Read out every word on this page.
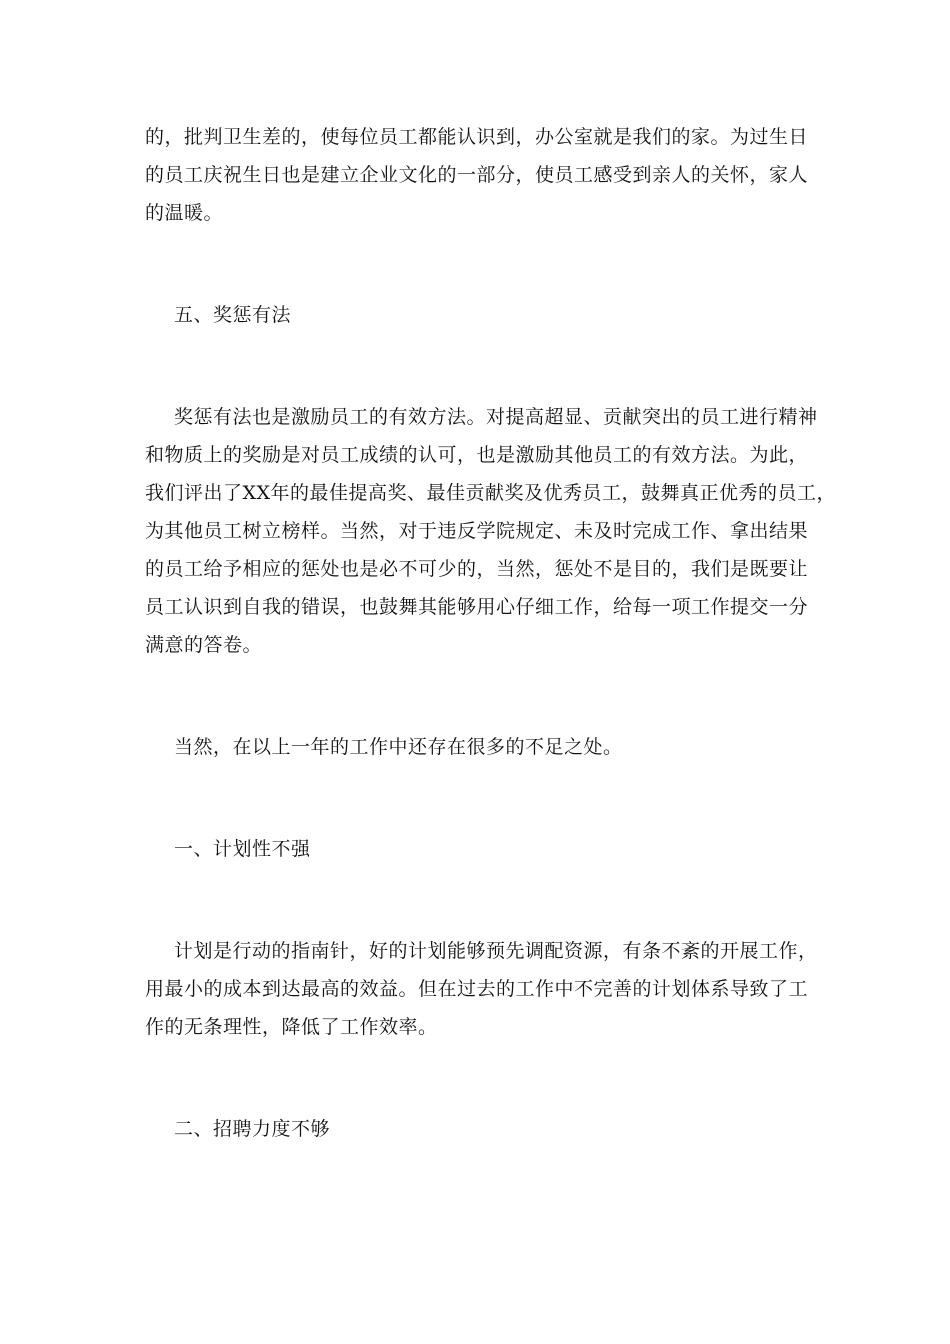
的，批判卫生差的，使每位员工都能认识到，办公室就是我们的家。为过生日
的员工庆祝生日也是建立企业文化的一部分，使员工感受到亲人的关怀，家人
的温暖。
五、奖惩有法
奖惩有法也是激励员工的有效方法。对提高超显、贡献突出的员工进行精神
和物质上的奖励是对员工成绩的认可，也是激励其他员工的有效方法。为此，
我们评出了XX年的最佳提高奖、最佳贡献奖及优秀员工，鼓舞真正优秀的员工，
为其他员工树立榜样。当然，对于违反学院规定、未及时完成工作、拿出结果
的员工给予相应的惩处也是必不可少的，当然，惩处不是目的，我们是既要让
员工认识到自我的错误，也鼓舞其能够用心仔细工作，给每一项工作提交一分
满意的答卷。
当然，在以上一年的工作中还存在很多的不足之处。
一、计划性不强
计划是行动的指南针，好的计划能够预先调配资源，有条不紊的开展工作，
用最小的成本到达最高的效益。但在过去的工作中不完善的计划体系导致了工
作的无条理性，降低了工作效率。
二、招聘力度不够
